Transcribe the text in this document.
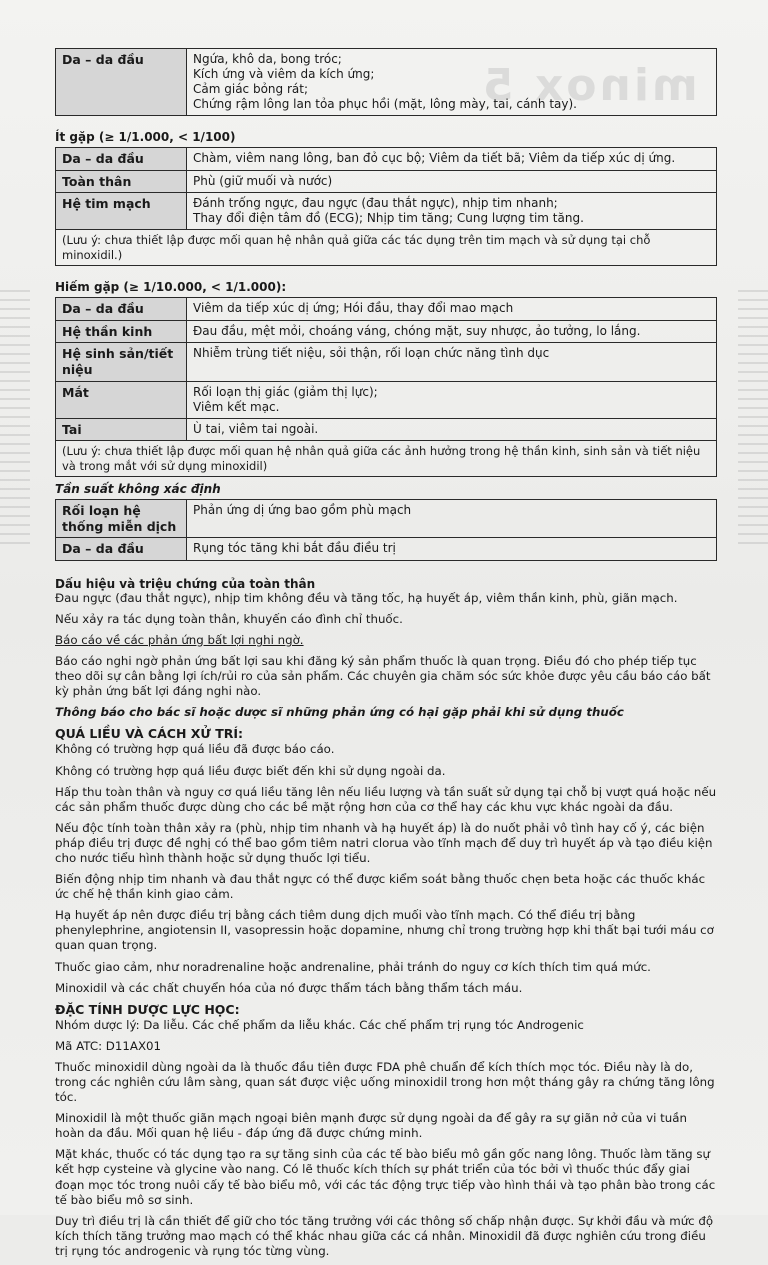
minox 5
Da – da đầu	Ngứa, khô da, bong tróc;
Kích ứng và viêm da kích ứng;
Cảm giác bỏng rát;
Chứng rậm lông lan tỏa phục hồi (mặt, lông mày, tai, cánh tay).
Ít gặp (≥ 1/1.000, < 1/100)
Da – da đầu	Chàm, viêm nang lông, ban đỏ cục bộ; Viêm da tiết bã; Viêm da tiếp xúc dị ứng.

Toàn thân	Phù (giữ muối và nước)

Hệ tim mạch	Đánh trống ngực, đau ngực (đau thắt ngực), nhịp tim nhanh;
Thay đổi điện tâm đồ (ECG); Nhịp tim tăng; Cung lượng tim tăng.

(Lưu ý: chưa thiết lập được mối quan hệ nhân quả giữa các tác dụng trên tim mạch và sử dụng tại chỗ minoxidil.)	
Hiếm gặp (≥ 1/10.000, < 1/1.000):
Da – da đầu	Viêm da tiếp xúc dị ứng; Hói đầu, thay đổi mao mạch

Hệ thần kinh	Đau đầu, mệt mỏi, choáng váng, chóng mặt, suy nhược, ảo tưởng, lo lắng.

Hệ sinh sản/tiết niệu	Nhiễm trùng tiết niệu, sỏi thận, rối loạn chức năng tình dục

Mắt	Rối loạn thị giác (giảm thị lực);
Viêm kết mạc.

Tai	Ù tai, viêm tai ngoài.

(Lưu ý: chưa thiết lập được mối quan hệ nhân quả giữa các ảnh hưởng trong hệ thần kinh, sinh sản và tiết niệu và trong mắt với sử dụng minoxidil)	
Tần suất không xác định
Rối loạn hệ thống miễn dịch	Phản ứng dị ứng bao gồm phù mạch

Da – da đầu	Rụng tóc tăng khi bắt đầu điều trị
Dấu hiệu và triệu chứng của toàn thân

Đau ngực (đau thắt ngực), nhịp tim không đều và tăng tốc, hạ huyết áp, viêm thần kinh, phù, giãn mạch.

Nếu xảy ra tác dụng toàn thân, khuyến cáo đình chỉ thuốc.

Báo cáo về các phản ứng bất lợi nghi ngờ.

Báo cáo nghi ngờ phản ứng bất lợi sau khi đăng ký sản phẩm thuốc là quan trọng. Điều đó cho phép tiếp tục theo dõi sự cân bằng lợi ích/rủi ro của sản phẩm. Các chuyên gia chăm sóc sức khỏe được yêu cầu báo cáo bất kỳ phản ứng bất lợi đáng nghi nào.

Thông báo cho bác sĩ hoặc dược sĩ những phản ứng có hại gặp phải khi sử dụng thuốc

QUÁ LIỀU VÀ CÁCH XỬ TRÍ:

Không có trường hợp quá liều đã được báo cáo.

Không có trường hợp quá liều được biết đến khi sử dụng ngoài da.

Hấp thu toàn thân và nguy cơ quá liều tăng lên nếu liều lượng và tần suất sử dụng tại chỗ bị vượt quá hoặc nếu các sản phẩm thuốc được dùng cho các bề mặt rộng hơn của cơ thể hay các khu vực khác ngoài da đầu.

Nếu độc tính toàn thân xảy ra (phù, nhịp tim nhanh và hạ huyết áp) là do nuốt phải vô tình hay cố ý, các biện pháp điều trị được đề nghị có thể bao gồm tiêm natri clorua vào tĩnh mạch để duy trì huyết áp và tạo điều kiện cho nước tiểu hình thành hoặc sử dụng thuốc lợi tiểu.

Biến động nhịp tim nhanh và đau thắt ngực có thể được kiểm soát bằng thuốc chẹn beta hoặc các thuốc khác ức chế hệ thần kinh giao cảm.

Hạ huyết áp nên được điều trị bằng cách tiêm dung dịch muối vào tĩnh mạch. Có thể điều trị bằng phenylephrine, angiotensin II, vasopressin hoặc dopamine, nhưng chỉ trong trường hợp khi thất bại tưới máu cơ quan quan trọng.

Thuốc giao cảm, như noradrenaline hoặc andrenaline, phải tránh do nguy cơ kích thích tim quá mức.

Minoxidil và các chất chuyển hóa của nó được thẩm tách bằng thẩm tách máu.

ĐẶC TÍNH DƯỢC LỰC HỌC:

Nhóm dược lý: Da liễu. Các chế phẩm da liễu khác. Các chế phẩm trị rụng tóc Androgenic

Mã ATC: D11AX01

Thuốc minoxidil dùng ngoài da là thuốc đầu tiên được FDA phê chuẩn để kích thích mọc tóc. Điều này là do, trong các nghiên cứu lâm sàng, quan sát được việc uống minoxidil trong hơn một tháng gây ra chứng tăng lông tóc.

Minoxidil là một thuốc giãn mạch ngoại biên mạnh được sử dụng ngoài da để gây ra sự giãn nở của vi tuần hoàn da đầu. Mối quan hệ liều - đáp ứng đã được chứng minh.

Mặt khác, thuốc có tác dụng tạo ra sự tăng sinh của các tế bào biểu mô gần gốc nang lông. Thuốc làm tăng sự kết hợp cysteine và glycine vào nang. Có lẽ thuốc kích thích sự phát triển của tóc bởi vì thuốc thúc đẩy giai đoạn mọc tóc trong nuôi cấy tế bào biểu mô, với các tác động trực tiếp vào hình thái và tạo phân bào trong các tế bào biểu mô sơ sinh.

Duy trì điều trị là cần thiết để giữ cho tóc tăng trưởng với các thông số chấp nhận được. Sự khởi đầu và mức độ kích thích tăng trưởng mao mạch có thể khác nhau giữa các cá nhân. Minoxidil đã được nghiên cứu trong điều trị rụng tóc androgenic và rụng tóc từng vùng.
